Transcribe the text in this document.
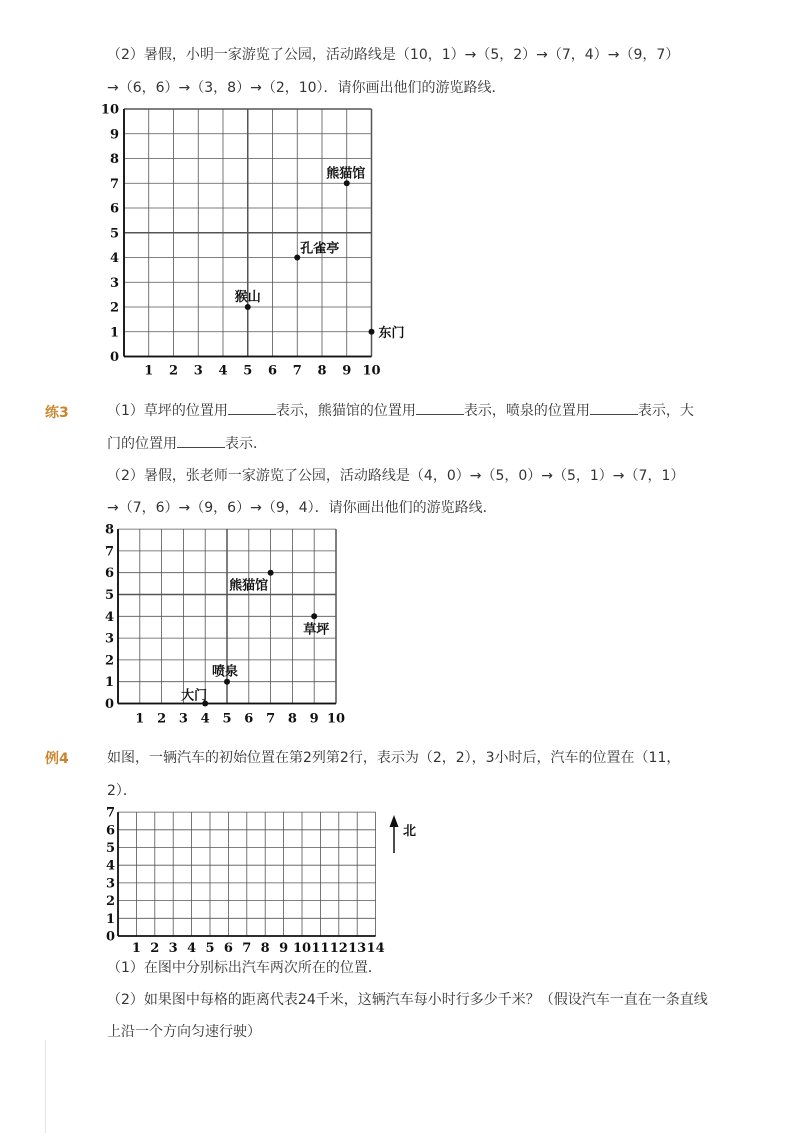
（2）暑假，小明一家游览了公园，活动路线是（10，1）→（5，2）→（7，4）→（9，7）
→（6，6）→（3，8）→（2，10）．请你画出他们的游览路线．
1 2 3 4 5 6 7 8 9 10
0
1
2
3
4
5
6
7
8
9
10
熊猫馆
孔雀亭
猴山
东门
练3	（1）草坪的位置用	表示，熊猫馆的位置用	表示，喷泉的位置用	表示，大
门的位置用	表示．
（2）暑假，张老师一家游览了公园，活动路线是（4，0）→（5，0）→（5，1）→（7，1）
→（7，6）→（9，6）→（9，4）．请你画出他们的游览路线．
1 2 3 4 5 6 7 8 9 10
0
1
2
3
4
5
6
7
8
熊猫馆
草坪
喷泉
大门
例4	如图，一辆汽车的初始位置在第2列第2行，表示为（2，2），3小时后，汽车的位置在（11，
2）．
1 2 3 4 5 6 7 8 9 10 11 12 13 14
0
1
2
3
4
5
6
7
北
（1）在图中分别标出汽车两次所在的位置．
（2）如果图中每格的距离代表24千米，这辆汽车每小时行多少千米？（假设汽车一直在一条直线
上沿一个方向匀速行驶）
